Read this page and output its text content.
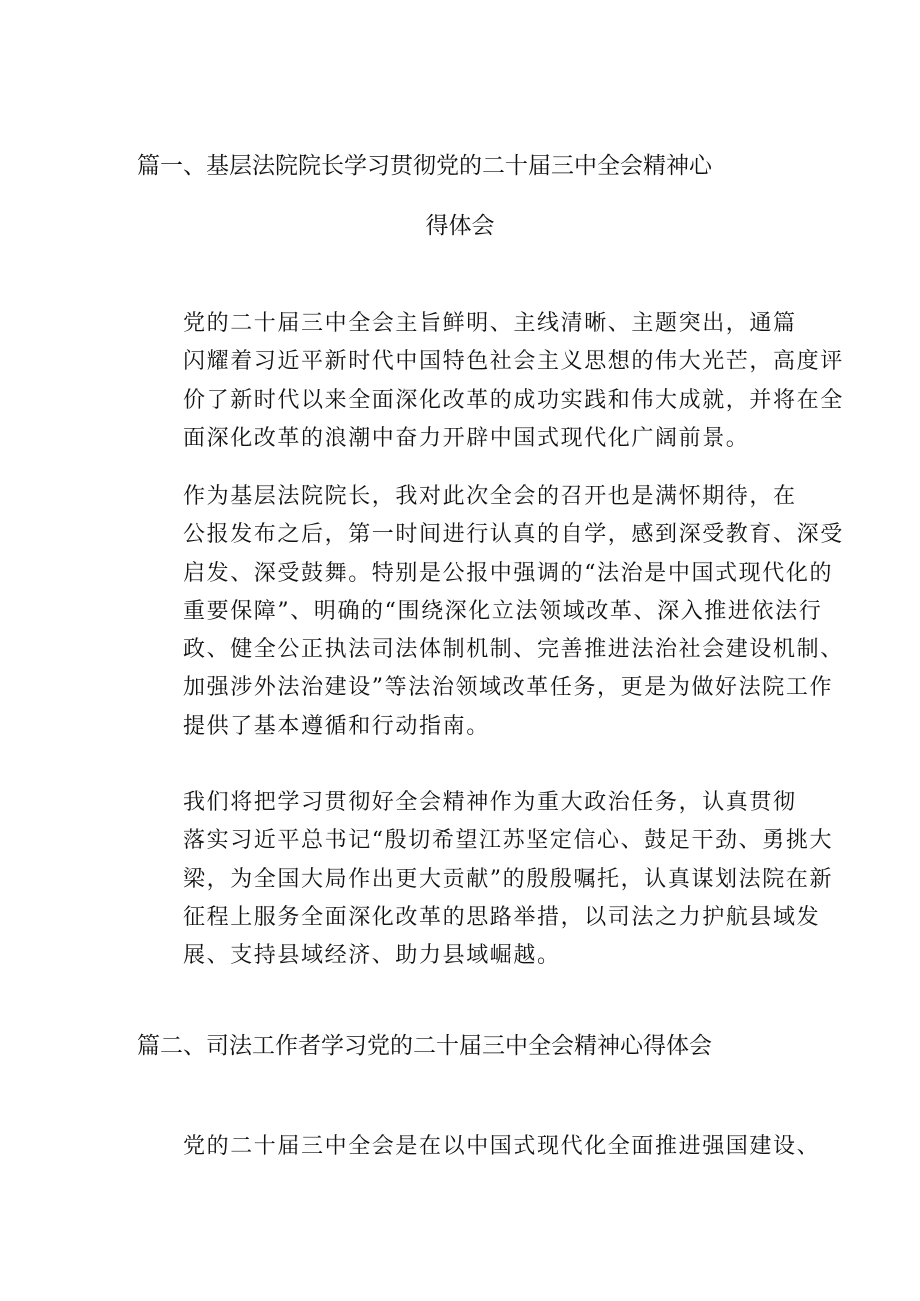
篇一、基层法院院长学习贯彻党的二十届三中全会精神心
得体会
党的二十届三中全会主旨鲜明、主线清晰、主题突出，通篇
闪耀着习近平新时代中国特色社会主义思想的伟大光芒，高度评
价了新时代以来全面深化改革的成功实践和伟大成就，并将在全
面深化改革的浪潮中奋力开辟中国式现代化广阔前景。
作为基层法院院长，我对此次全会的召开也是满怀期待，在
公报发布之后，第一时间进行认真的自学，感到深受教育、深受
启发、深受鼓舞。特别是公报中强调的“法治是中国式现代化的
重要保障”、明确的“围绕深化立法领域改革、深入推进依法行
政、健全公正执法司法体制机制、完善推进法治社会建设机制、
加强涉外法治建设”等法治领域改革任务，更是为做好法院工作
提供了基本遵循和行动指南。
我们将把学习贯彻好全会精神作为重大政治任务，认真贯彻
落实习近平总书记“殷切希望江苏坚定信心、鼓足干劲、勇挑大
梁，为全国大局作出更大贡献”的殷殷嘱托，认真谋划法院在新
征程上服务全面深化改革的思路举措，以司法之力护航县域发
展、支持县域经济、助力县域崛越。
篇二、司法工作者学习党的二十届三中全会精神心得体会
党的二十届三中全会是在以中国式现代化全面推进强国建设、
